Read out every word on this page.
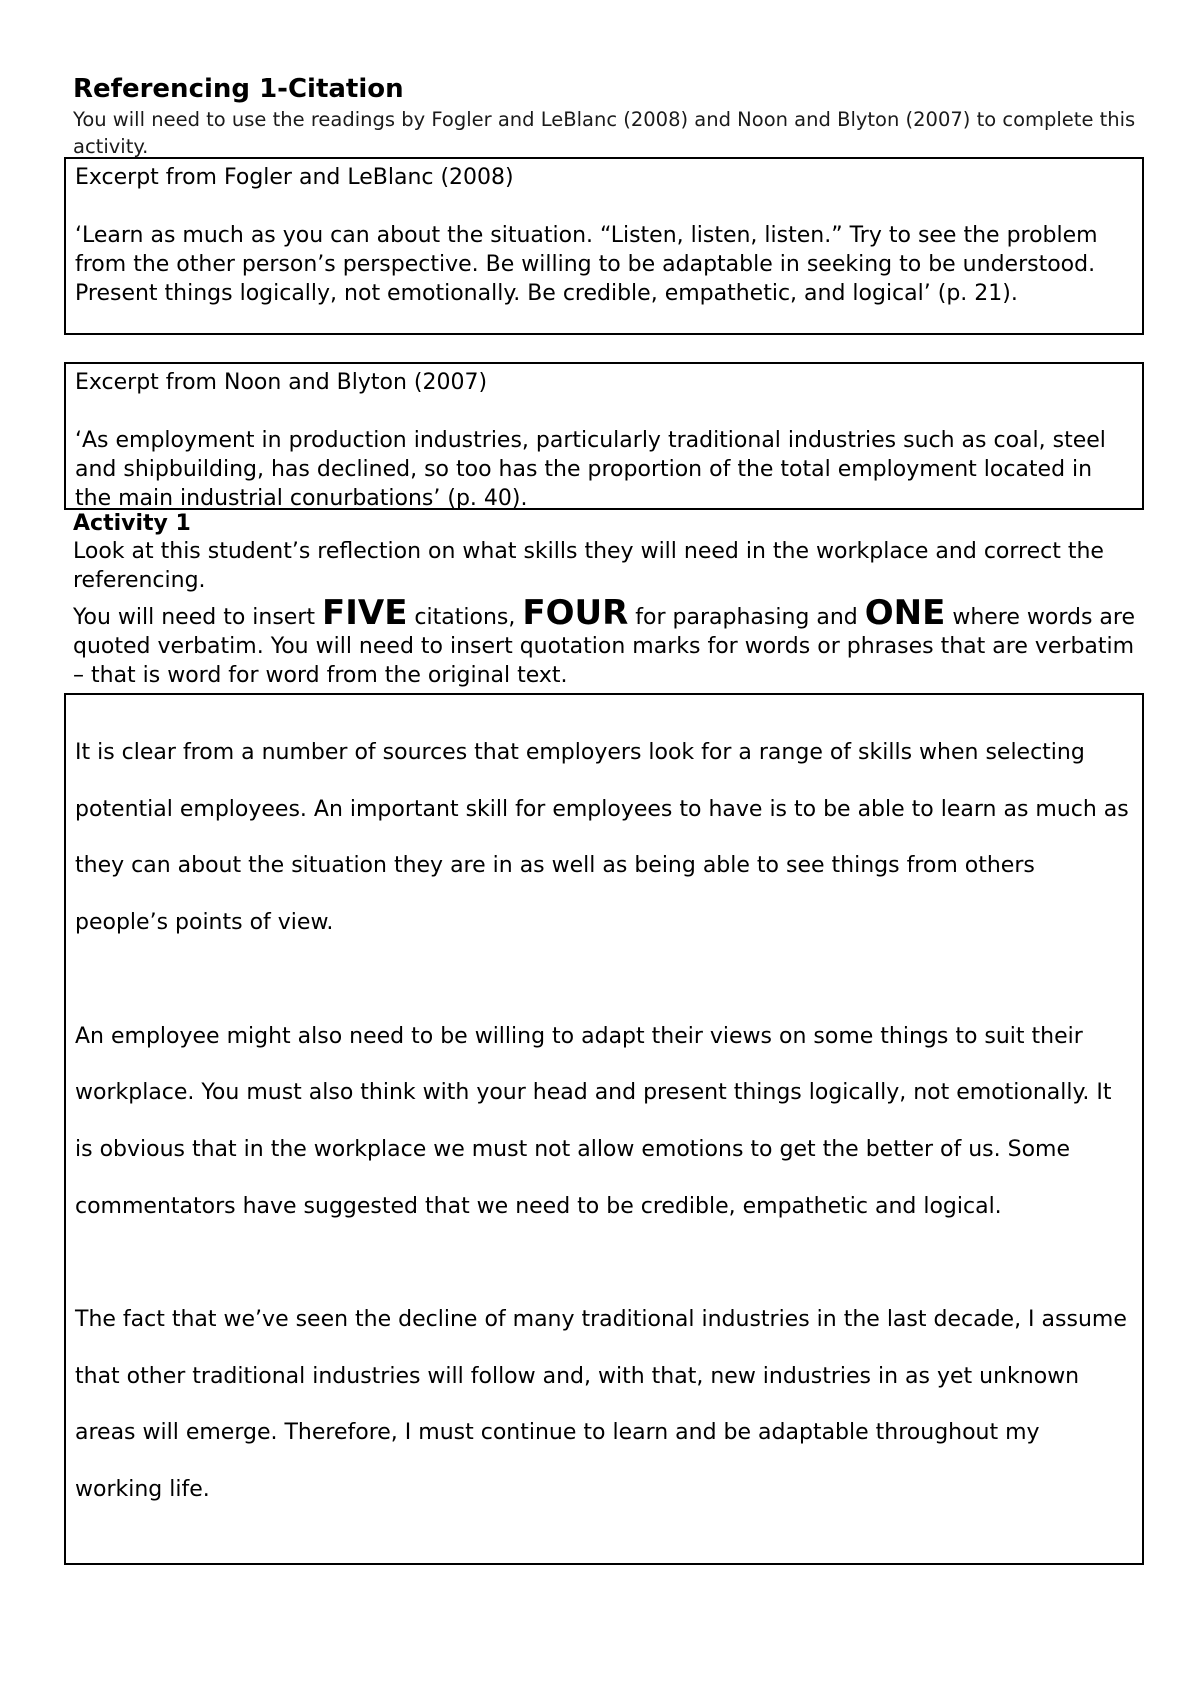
Referencing 1-Citation
You will need to use the readings by Fogler and LeBlanc (2008) and Noon and Blyton (2007) to complete this activity.
Excerpt from Fogler and LeBlanc (2008)
‘Learn as much as you can about the situation. “Listen, listen, listen.” Try to see the problem from the other person’s perspective. Be willing to be adaptable in seeking to be understood. Present things logically, not emotionally. Be credible, empathetic, and logical’ (p. 21).
Excerpt from Noon and Blyton (2007)
‘As employment in production industries, particularly traditional industries such as coal, steel and shipbuilding, has declined, so too has the proportion of the total employment located in the main industrial conurbations’ (p. 40).
Activity 1
Look at this student’s reflection on what skills they will need in the workplace and correct the referencing.
You will need to insert FIVE citations, FOUR for paraphasing and ONE where words are quoted verbatim. You will need to insert quotation marks for words or phrases that are verbatim – that is word for word from the original text.

It is clear from a number of sources that employers look for a range of skills when selecting potential employees. An important skill for employees to have is to be able to learn as much as they can about the situation they are in as well as being able to see things from others people’s points of view.

An employee might also need to be willing to adapt their views on some things to suit their workplace. You must also think with your head and present things logically, not emotionally. It is obvious that in the workplace we must not allow emotions to get the better of us. Some commentators have suggested that we need to be credible, empathetic and logical.

The fact that we’ve seen the decline of many traditional industries in the last decade, I assume that other traditional industries will follow and, with that, new industries in as yet unknown areas will emerge. Therefore, I must continue to learn and be adaptable throughout my working life.
